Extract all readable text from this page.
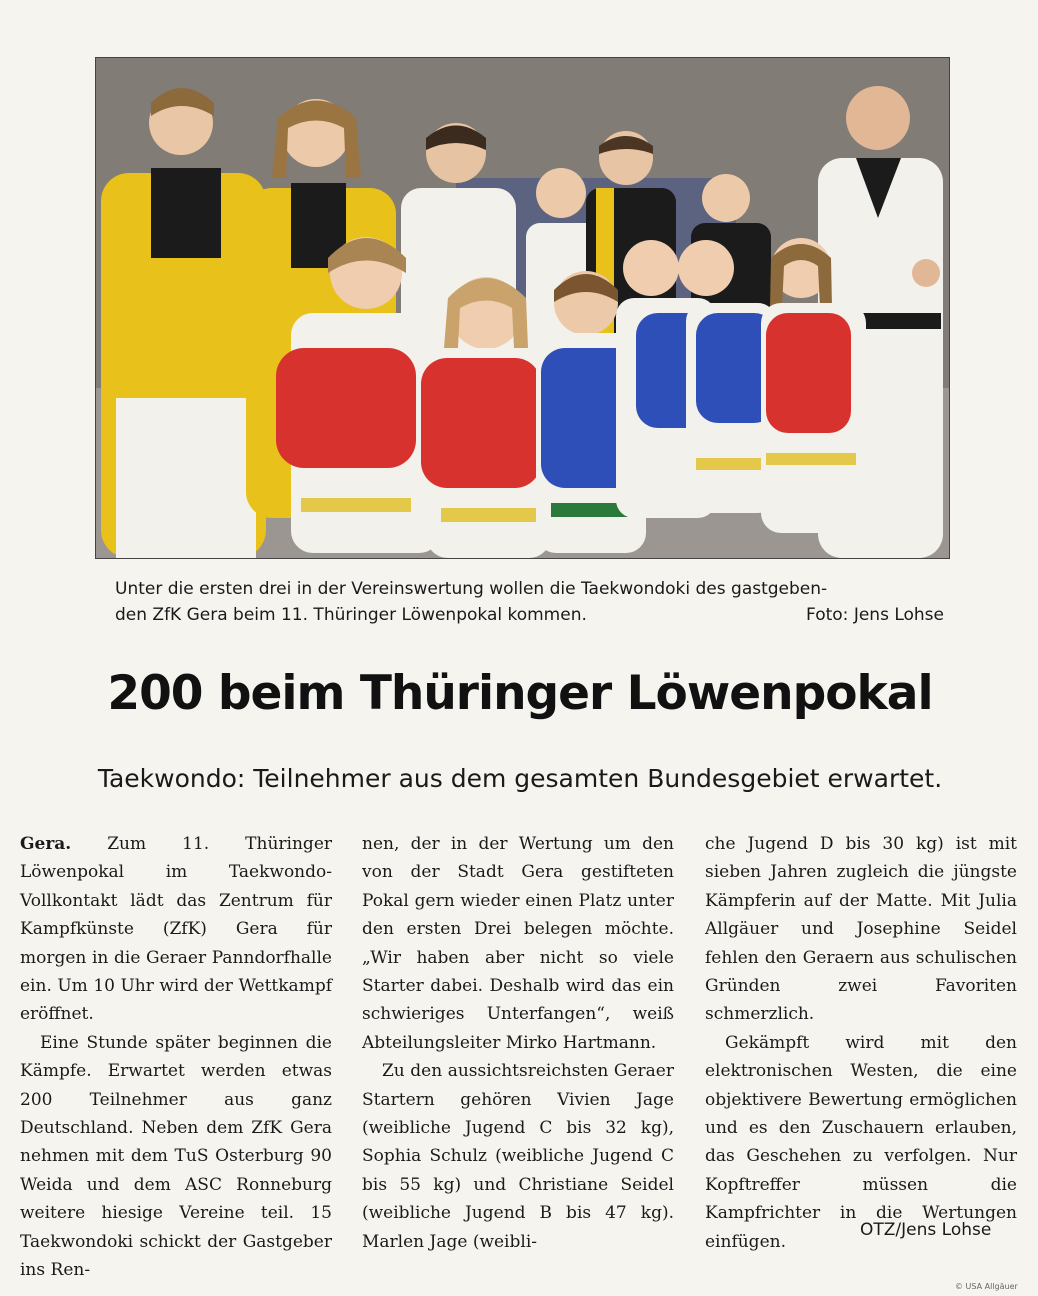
Unter die ersten drei in der Vereinswertung wollen die Taekwondoki des gastgeben-
den ZfK Gera beim 11. Thüringer Löwenpokal kommen.	Foto: Jens Lohse
200 beim Thüringer Löwenpokal
Taekwondo: Teilnehmer aus dem gesamten Bundesgebiet erwartet.

Gera. Zum 11. Thüringer Löwenpokal im Taekwondo-Vollkontakt lädt das Zentrum für Kampfkünste (ZfK) Gera für morgen in die Geraer Panndorfhalle ein. Um 10 Uhr wird der Wettkampf eröffnet.

Eine Stunde später beginnen die Kämpfe. Erwartet werden etwas 200 Teilnehmer aus ganz Deutschland. Neben dem ZfK Gera nehmen mit dem TuS Osterburg 90 Weida und dem ASC Ronneburg weitere hiesige Vereine teil. 15 Taekwondoki schickt der Gastgeber ins Ren-

nen, der in der Wertung um den von der Stadt Gera gestifteten Pokal gern wieder einen Platz unter den ersten Drei belegen möchte. „Wir haben aber nicht so viele Starter dabei. Deshalb wird das ein schwieriges Unterfangen“, weiß Abteilungsleiter Mirko Hartmann.

Zu den aussichtsreichsten Geraer Startern gehören Vivien Jage (weibliche Jugend C bis 32 kg), Sophia Schulz (weibliche Jugend C bis 55 kg) und Christiane Seidel (weibliche Jugend B bis 47 kg). Marlen Jage (weibli-

che Jugend D bis 30 kg) ist mit sieben Jahren zugleich die jüngste Kämpferin auf der Matte. Mit Julia Allgäuer und Josephine Seidel fehlen den Geraern aus schulischen Gründen zwei Favoriten schmerzlich.

Gekämpft wird mit den elektronischen Westen, die eine objektivere Bewertung ermöglichen und es den Zuschauern erlauben, das Geschehen zu verfolgen. Nur Kopftreffer müssen die Kampfrichter in die Wertungen einfügen.

OTZ/Jens Lohse
© USA Allgäuer
